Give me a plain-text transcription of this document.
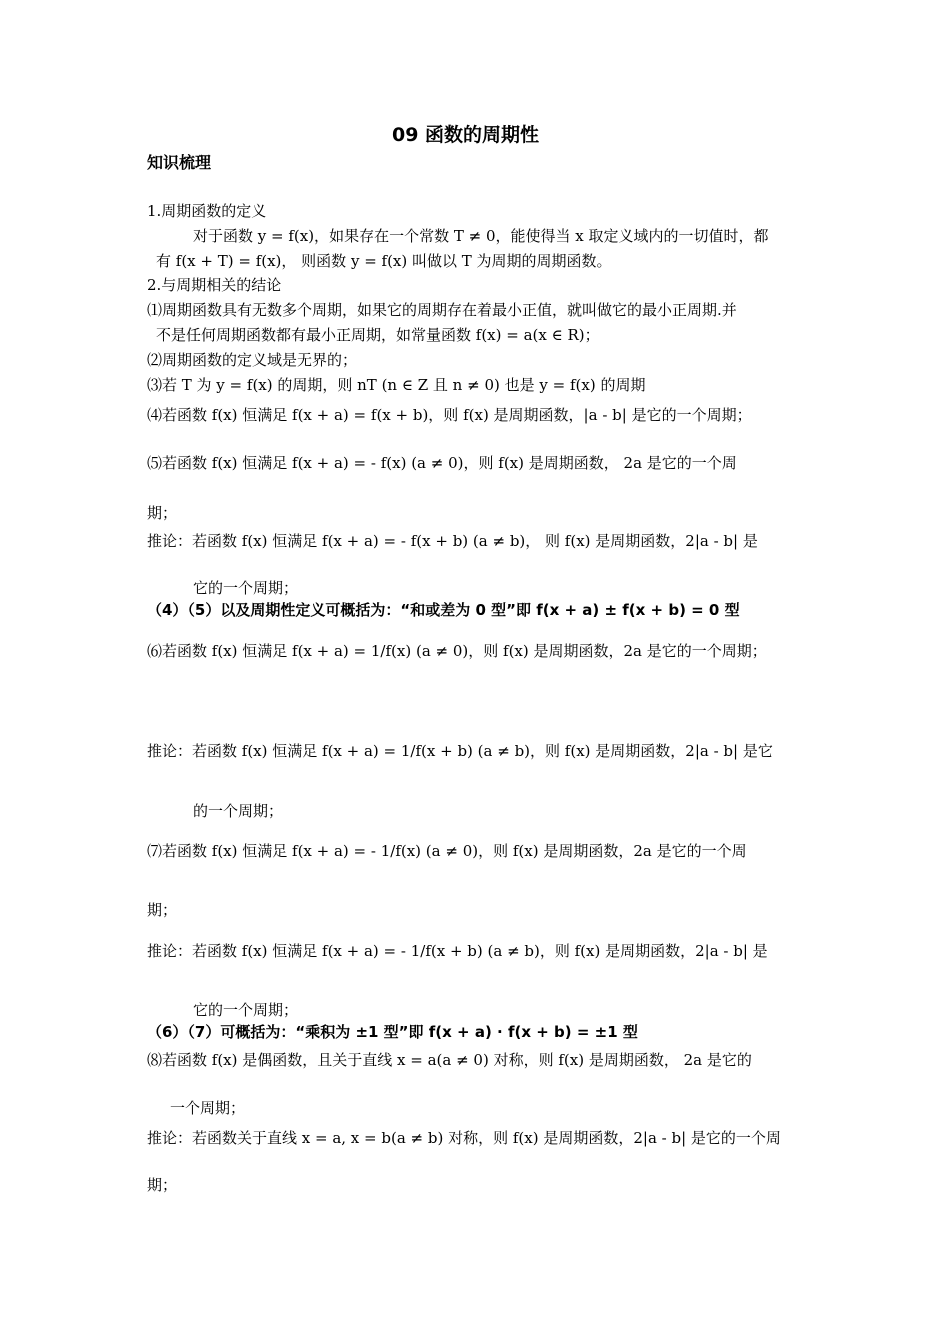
09 函数的周期性
知识梳理
1.周期函数的定义
对于函数 y = f(x)，如果存在一个常数 T ≠ 0，能使得当 x 取定义域内的一切值时，都
有 f(x + T) = f(x)， 则函数 y = f(x) 叫做以 T 为周期的周期函数。
2.与周期相关的结论
⑴周期函数具有无数多个周期，如果它的周期存在着最小正值，就叫做它的最小正周期.并
不是任何周期函数都有最小正周期，如常量函数 f(x) = a(x ∈ R)；
⑵周期函数的定义域是无界的；
⑶若 T 为 y = f(x) 的周期，则 nT (n ∈ Z 且 n ≠ 0) 也是 y = f(x) 的周期
⑷若函数 f(x) 恒满足 f(x + a) = f(x + b)，则 f(x) 是周期函数，|a - b| 是它的一个周期；
⑸若函数 f(x) 恒满足 f(x + a) = - f(x) (a ≠ 0)，则 f(x) 是周期函数， 2a 是它的一个周
期；
推论：若函数 f(x) 恒满足 f(x + a) = - f(x + b) (a ≠ b)， 则 f(x) 是周期函数，2|a - b| 是
它的一个周期；
（4）（5）以及周期性定义可概括为：“和或差为 0 型”即 f(x + a) ± f(x + b) = 0 型
⑹若函数 f(x) 恒满足 f(x + a) = 1/f(x) (a ≠ 0)，则 f(x) 是周期函数，2a 是它的一个周期；
推论：若函数 f(x) 恒满足 f(x + a) = 1/f(x + b) (a ≠ b)，则 f(x) 是周期函数，2|a - b| 是它
的一个周期；
⑺若函数 f(x) 恒满足 f(x + a) = - 1/f(x) (a ≠ 0)，则 f(x) 是周期函数，2a 是它的一个周
期；
推论：若函数 f(x) 恒满足 f(x + a) = - 1/f(x + b) (a ≠ b)，则 f(x) 是周期函数，2|a - b| 是
它的一个周期；
（6）（7）可概括为：“乘积为 ±1 型”即 f(x + a) · f(x + b) = ±1 型
⑻若函数 f(x) 是偶函数，且关于直线 x = a(a ≠ 0) 对称，则 f(x) 是周期函数， 2a 是它的
一个周期；
推论：若函数关于直线 x = a, x = b(a ≠ b) 对称，则 f(x) 是周期函数，2|a - b| 是它的一个周
期；
